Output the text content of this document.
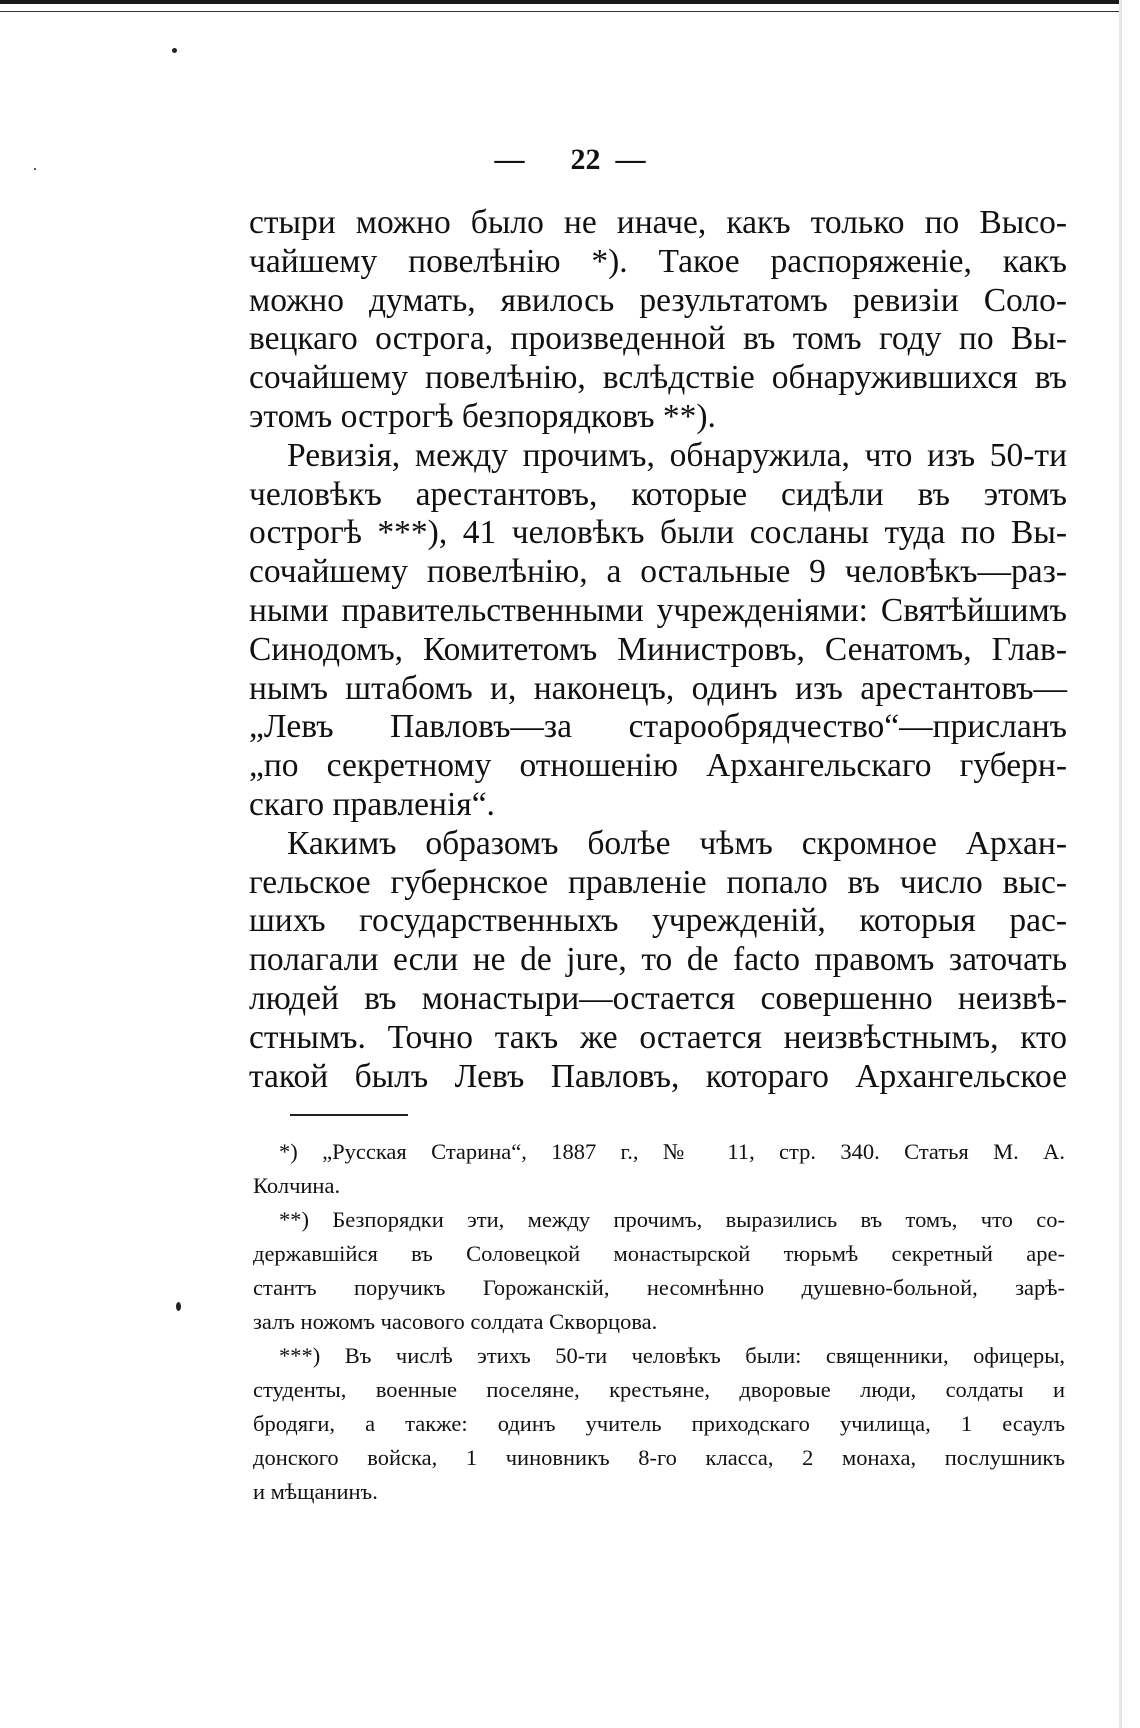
— 22 —
стыри можно было не иначе, какъ только по Высо-
чайшему повелѣнію *). Такое распоряженіе, какъ
можно думать, явилось результатомъ ревизіи Соло-
вецкаго острога, произведенной въ томъ году по Вы-
сочайшему повелѣнію, вслѣдствіе обнаружившихся въ
этомъ острогѣ безпорядковъ **).
Ревизія, между прочимъ, обнаружила, что изъ 50-ти
человѣкъ арестантовъ, которые сидѣли въ этомъ
острогѣ ***), 41 человѣкъ были сосланы туда по Вы-
сочайшему повелѣнію, а остальные 9 человѣкъ—раз-
ными правительственными учрежденіями: Святѣйшимъ
Синодомъ, Комитетомъ Министровъ, Сенатомъ, Глав-
нымъ штабомъ и, наконецъ, одинъ изъ арестантовъ—
„Левъ Павловъ—за старообрядчество“—присланъ
„по секретному отношенію Архангельскаго губерн-
скаго правленія“.
Какимъ образомъ болѣе чѣмъ скромное Архан-
гельское губернское правленіе попало въ число выс-
шихъ государственныхъ учрежденій, которыя рас-
полагали если не de jure, то de facto правомъ заточать
людей въ монастыри—остается совершенно неизвѣ-
стнымъ. Точно такъ же остается неизвѣстнымъ, кто
такой былъ Левъ Павловъ, котораго Архангельское
*) „Русская Старина“, 1887 г., № 11, стр. 340. Статья М. А.
Колчина.
**) Безпорядки эти, между прочимъ, выразились въ томъ, что со-
державшійся въ Соловецкой монастырской тюрьмѣ секретный аре-
стантъ поручикъ Горожанскій, несомнѣнно душевно-больной, зарѣ-
залъ ножомъ часового солдата Скворцова.
***) Въ числѣ этихъ 50-ти человѣкъ были: священники, офицеры,
студенты, военные поселяне, крестьяне, дворовые люди, солдаты и
бродяги, а также: одинъ учитель приходскаго училища, 1 есаулъ
донского войска, 1 чиновникъ 8-го класса, 2 монаха, послушникъ
и мѣщанинъ.
